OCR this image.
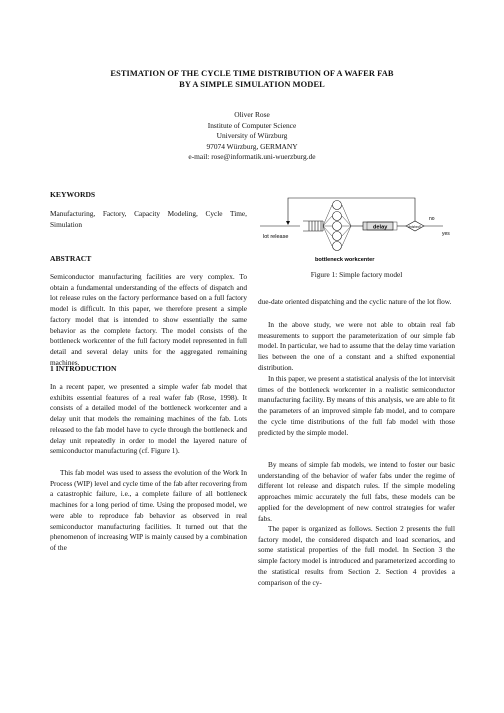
ESTIMATION OF THE CYCLE TIME DISTRIBUTION OF A WAFER FAB
BY A SIMPLE SIMULATION MODEL
Oliver Rose
Institute of Computer Science
University of Würzburg
97074 Würzburg, GERMANY
e-mail: rose@informatik.uni-wuerzburg.de
KEYWORDS
Manufacturing, Factory, Capacity Modeling, Cycle Time, Simulation
ABSTRACT
Semiconductor manufacturing facilities are very complex. To obtain a fundamental understanding of the effects of dispatch and lot release rules on the factory performance based on a full factory model is difficult. In this paper, we therefore present a simple factory model that is intended to show essentially the same behavior as the complete factory. The model consists of the bottleneck workcenter of the full factory model represented in full detail and several delay units for the aggregated remaining machines.
1 INTRODUCTION
In a recent paper, we presented a simple wafer fab model that exhibits essential features of a real wafer fab (Rose, 1998). It consists of a detailed model of the bottleneck workcenter and a delay unit that models the remaining machines of the fab. Lots released to the fab model have to cycle through the bottleneck and delay unit repeatedly in order to model the layered nature of semiconductor manufacturing (cf. Figure 1).
This fab model was used to assess the evolution of the Work In Process (WIP) level and cycle time of the fab after recovering from a catastrophic failure, i.e., a complete failure of all bottleneck machines for a long period of time. Using the proposed model, we were able to reproduce fab behavior as observed in real semiconductor manufacturing facilities. It turned out that the phenomenon of increasing WIP is mainly caused by a combination of the
lot release
bottleneck workcenter
delay	finished?
no
yes
Figure 1: Simple factory model
due-date oriented dispatching and the cyclic nature of the lot flow.
In the above study, we were not able to obtain real fab measurements to support the parameterization of our simple fab model. In particular, we had to assume that the delay time variation lies between the one of a constant and a shifted exponential distribution.
In this paper, we present a statistical analysis of the lot intervisit times of the bottleneck workcenter in a realistic semiconductor manufacturing facility. By means of this analysis, we are able to fit the parameters of an improved simple fab model, and to compare the cycle time distributions of the full fab model with those predicted by the simple model.
By means of simple fab models, we intend to foster our basic understanding of the behavior of wafer fabs under the regime of different lot release and dispatch rules. If the simple modeling approaches mimic accurately the full fabs, these models can be applied for the development of new control strategies for wafer fabs.
The paper is organized as follows. Section 2 presents the full factory model, the considered dispatch and load scenarios, and some statistical properties of the full model. In Section 3 the simple factory model is introduced and parameterized according to the statistical results from Section 2. Section 4 provides a comparison of the cy-
